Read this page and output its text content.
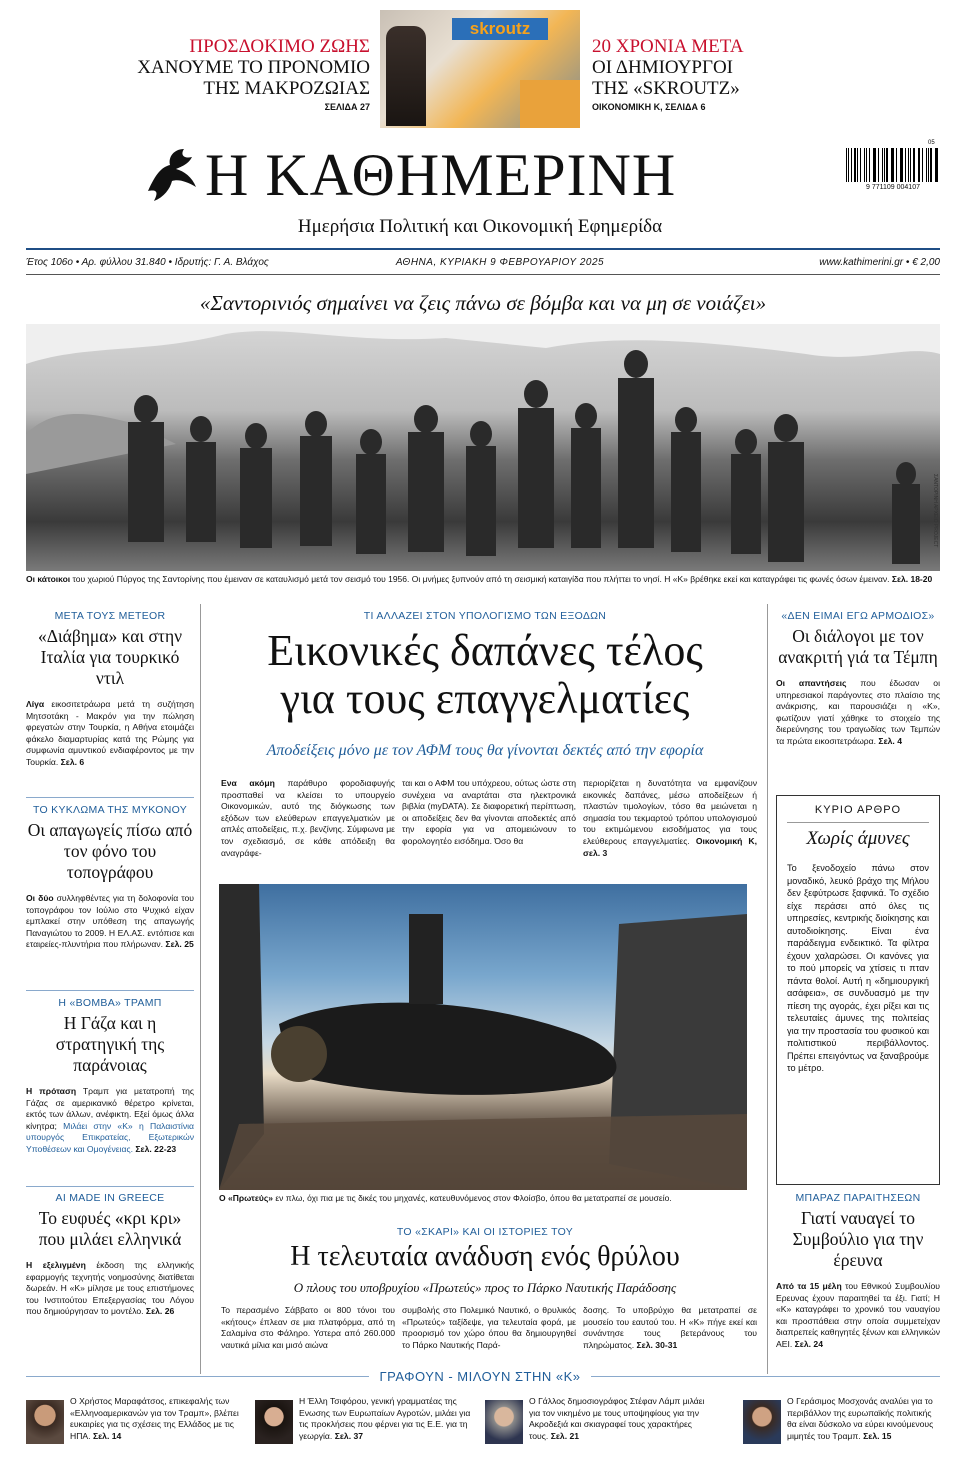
ΠΡΟΣΔΟΚΙΜΟ ΖΩΗΣ
ΧΑΝΟΥΜΕ ΤΟ ΠΡΟΝΟΜΙΟ
ΤΗΣ ΜΑΚΡΟΖΩΙΑΣ
ΣΕΛΙΔΑ 27
skroutz
20 ΧΡΟΝΙΑ ΜΕΤΑ
ΟΙ ΔΗΜΙΟΥΡΓΟΙ
ΤΗΣ «SKROUTZ»
ΟΙΚΟΝΟΜΙΚΗ Κ, ΣΕΛΙΔΑ 6
Η ΚΑΘΗΜΕΡΙΝΗ
Ημερήσια Πολιτική και Οικονομική Εφημερίδα
9 771109 004107
05
Έτος 106ο • Αρ. φύλλου 31.840 • Ιδρυτής: Γ. Α. Βλάχος	ΑΘΗΝΑ, ΚΥΡΙΑΚΗ 9 ΦΕΒΡΟΥΑΡΙΟΥ 2025	www.kathimerini.gr • € 2,00
«Σαντορινιός σημαίνει να ζεις πάνω σε βόμβα και να μη σε νοιάζει»
ΣΑΝΤΟΡΙΝΗ ΑΡΧΕΙΟ PROJECT
Οι κάτοικοι του χωριού Πύργος της Σαντορίνης που έμειναν σε καταυλισμό μετά τον σεισμό του 1956. Οι μνήμες ξυπνούν από τη σεισμική καταιγίδα που πλήττει το νησί. Η «Κ» βρέθηκε εκεί και καταγράφει τις φωνές όσων έμειναν. Σελ. 18-20
ΜΕΤΑ ΤΟΥΣ METEOR
«Διάβημα» και στην Ιταλία για τουρκικό ντιλ
Λίγα εικοσιτετράωρα μετά τη συζήτηση Μητσοτάκη - Μακρόν για την πώληση φρεγατών στην Τουρκία, η Αθήνα ετοιμάζει φάκελο διαμαρτυρίας κατά της Ρώμης για συμφωνία αμυντικού ενδιαφέροντος με την Τουρκία. Σελ. 6
ΤΟ ΚΥΚΛΩΜΑ ΤΗΣ ΜΥΚΟΝΟΥ
Οι απαγωγείς πίσω από τον φόνο του τοπογράφου
Οι δύο συλληφθέντες για τη δολοφονία του τοπογράφου τον Ιούλιο στο Ψυχικό είχαν εμπλακεί στην υπόθεση της απαγωγής Παναγιώτου το 2009. Η ΕΛ.ΑΣ. εντόπισε και εταιρείες-πλυντήρια που πλήρωναν. Σελ. 25
Η «ΒΟΜΒΑ» ΤΡΑΜΠ
Η Γάζα και η στρατηγική της παράνοιας
Η πρόταση Τραμπ για μετατροπή της Γάζας σε αμερικανικό θέρετρο κρίνεται, εκτός των άλλων, ανέφικτη. Εξεί όμως άλλα κίνητρα; Μιλάει στην «Κ» η Παλαιστίνια υπουργός Επικρατείας, Εξωτερικών Υποθέσεων και Ομογένειας. Σελ. 22-23
AI MADE IN GREECE
Το ευφυές «κρι κρι» που μιλάει ελληνικά
Η εξελιγμένη έκδοση της ελληνικής εφαρμογής τεχνητής νοημοσύνης διατίθεται δωρεάν. Η «Κ» μίλησε με τους επιστήμονες του Ινστιτούτου Επεξεργασίας του Λόγου που δημιούργησαν το μοντέλο. Σελ. 26
ΤΙ ΑΛΛΑΖΕΙ ΣΤΟΝ ΥΠΟΛΟΓΙΣΜΟ ΤΩΝ ΕΞΟΔΩΝ
Εικονικές δαπάνες τέλος
για τους επαγγελματίες
Αποδείξεις μόνο με τον ΑΦΜ τους θα γίνονται δεκτές από την εφορία
Ενα ακόμη παράθυρο φοροδιαφυγής προσπαθεί να κλείσει το υπουργείο Οικονομικών, αυτό της διόγκωσης των εξόδων των ελεύθερων επαγγελματιών με απλές αποδείξεις, π.χ. βενζίνης. Σύμφωνα με τον σχεδιασμό, σε κάθε απόδειξη θα αναγράφε-
ται και ο ΑΦΜ του υπόχρεου, ούτως ώστε στη συνέχεια να αναρτάται στα ηλεκτρονικά βιβλία (myDATA). Σε διαφορετική περίπτωση, οι αποδείξεις δεν θα γίνονται αποδεκτές από την εφορία για να απομειώνουν το φορολογητέο εισόδημα. Όσο θα
περιορίζεται η δυνατότητα να εμφανίζουν εικονικές δαπάνες, μέσω αποδείξεων ή πλαστών τιμολογίων, τόσο θα μειώνεται η σημασία του τεκμαρτού τρόπου υπολογισμού του εκτιμώμενου εισοδήματος για τους ελεύθερους επαγγελματίες. Οικονομική Κ, σελ. 3
Ο «Πρωτεύς» εν πλω, όχι πια με τις δικές του μηχανές, κατευθυνόμενος στον Φλοίσβο, όπου θα μετατραπεί σε μουσείο.
ΤΟ «ΣΚΑΡΙ» ΚΑΙ ΟΙ ΙΣΤΟΡΙΕΣ ΤΟΥ
Η τελευταία ανάδυση ενός θρύλου
Ο πλους του υποβρυχίου «Πρωτεύς» προς το Πάρκο Ναυτικής Παράδοσης
Το περασμένο Σάββατο οι 800 τόνοι του «κήτους» έπλεαν σε μια πλατφόρμα, από τη Σαλαμίνα στο Φάληρο. Υστερα από 260.000 ναυτικά μίλια και μισό αιώνα
συμβολής στο Πολεμικό Ναυτικό, ο θρυλικός «Πρωτεύς» ταξίδεψε, για τελευταία φορά, με προορισμό τον χώρο όπου θα δημιουργηθεί το Πάρκο Ναυτικής Παρά-
δοσης. Το υποβρύχιο θα μετατραπεί σε μουσείο του εαυτού του. Η «Κ» πήγε εκεί και συνάντησε τους βετεράνους του πληρώματος. Σελ. 30-31
«ΔΕΝ ΕΙΜΑΙ ΕΓΩ ΑΡΜΟΔΙΟΣ»
Οι διάλογοι με τον ανακριτή γιά τα Τέμπη
Οι απαντήσεις που έδωσαν οι υπηρεσιακοί παράγοντες στο πλαίσιο της ανάκρισης, και παρουσιάζει η «Κ», φωτίζουν γιατί χάθηκε το στοιχείο της διερεύνησης του τραγωδίας των Τεμπών τα πρώτα εικοσιτετράωρα. Σελ. 4
ΚΥΡΙΟ ΑΡΘΡΟ
Χωρίς άμυνες
Το ξενοδοχείο πάνω στον μοναδικό, λευκό βράχο της Μήλου δεν ξεφύτρωσε ξαφνικά. Το σχέδιο είχε περάσει από όλες τις υπηρεσίες, κεντρικής διοίκησης και αυτοδιοίκησης. Είναι ένα παράδειγμα ενδεικτικό. Τα φίλτρα έχουν χαλαρώσει. Οι κανόνες για το πού μπορείς να χτίσεις τι πταν πάντα θολοί. Αυτή η «δημιουργική ασάφεια», σε συνδυασμό με την πίεση της αγοράς, έχει ρίξει και τις τελευταίες άμυνες της πολιτείας για την προστασία του φυσικού και πολιτιστικού περιβάλλοντος. Πρέπει επειγόντως να ξαναβρούμε το μέτρο.
ΜΠΑΡΑΖ ΠΑΡΑΙΤΗΣΕΩΝ
Γιατί ναυαγεί το Συμβούλιο για την έρευνα
Από τα 15 μέλη του Εθνικού Συμβουλίου Ερευνας έχουν παραιτηθεί τα έξι. Γιατί; Η «Κ» καταγράφει το χρονικό του ναυαγίου και προσπάθεια στην οποία συμμετείχαν διαπρεπείς καθηγητές ξένων και ελληνικών ΑΕΙ. Σελ. 24
ΓΡΑΦΟΥΝ - ΜΙΛΟΥΝ ΣΤΗΝ «Κ»
Ο Χρήστος Μαραφάτσος, επικεφαλής των «Ελληνοαμερικανών για τον Τραμπ», βλέπει ευκαιρίες για τις σχέσεις της Ελλάδος με τις ΗΠΑ. Σελ. 14
Η Έλλη Τσιφόρου, γενική γραμματέας της Ενωσης των Ευρωπαίων Αγροτών, μιλάει για τις προκλήσεις που φέρνει για τις Ε.Ε. για τη γεωργία. Σελ. 37
Ο Γάλλος δημοσιογράφος Στέφαν Λάμπ μιλάει για τον νικημένο με τους υποψηφίους για την Ακροδεξιά και σκιαγραφεί τους χαρακτήρες τους. Σελ. 21
Ο Γεράσιμος Μοσχονάς αναλύει για το περιβάλλον της ευρωπαϊκής πολιτικής θα είναι δύσκολο να εύρει κινούμενους μιμητές του Τραμπ. Σελ. 15
